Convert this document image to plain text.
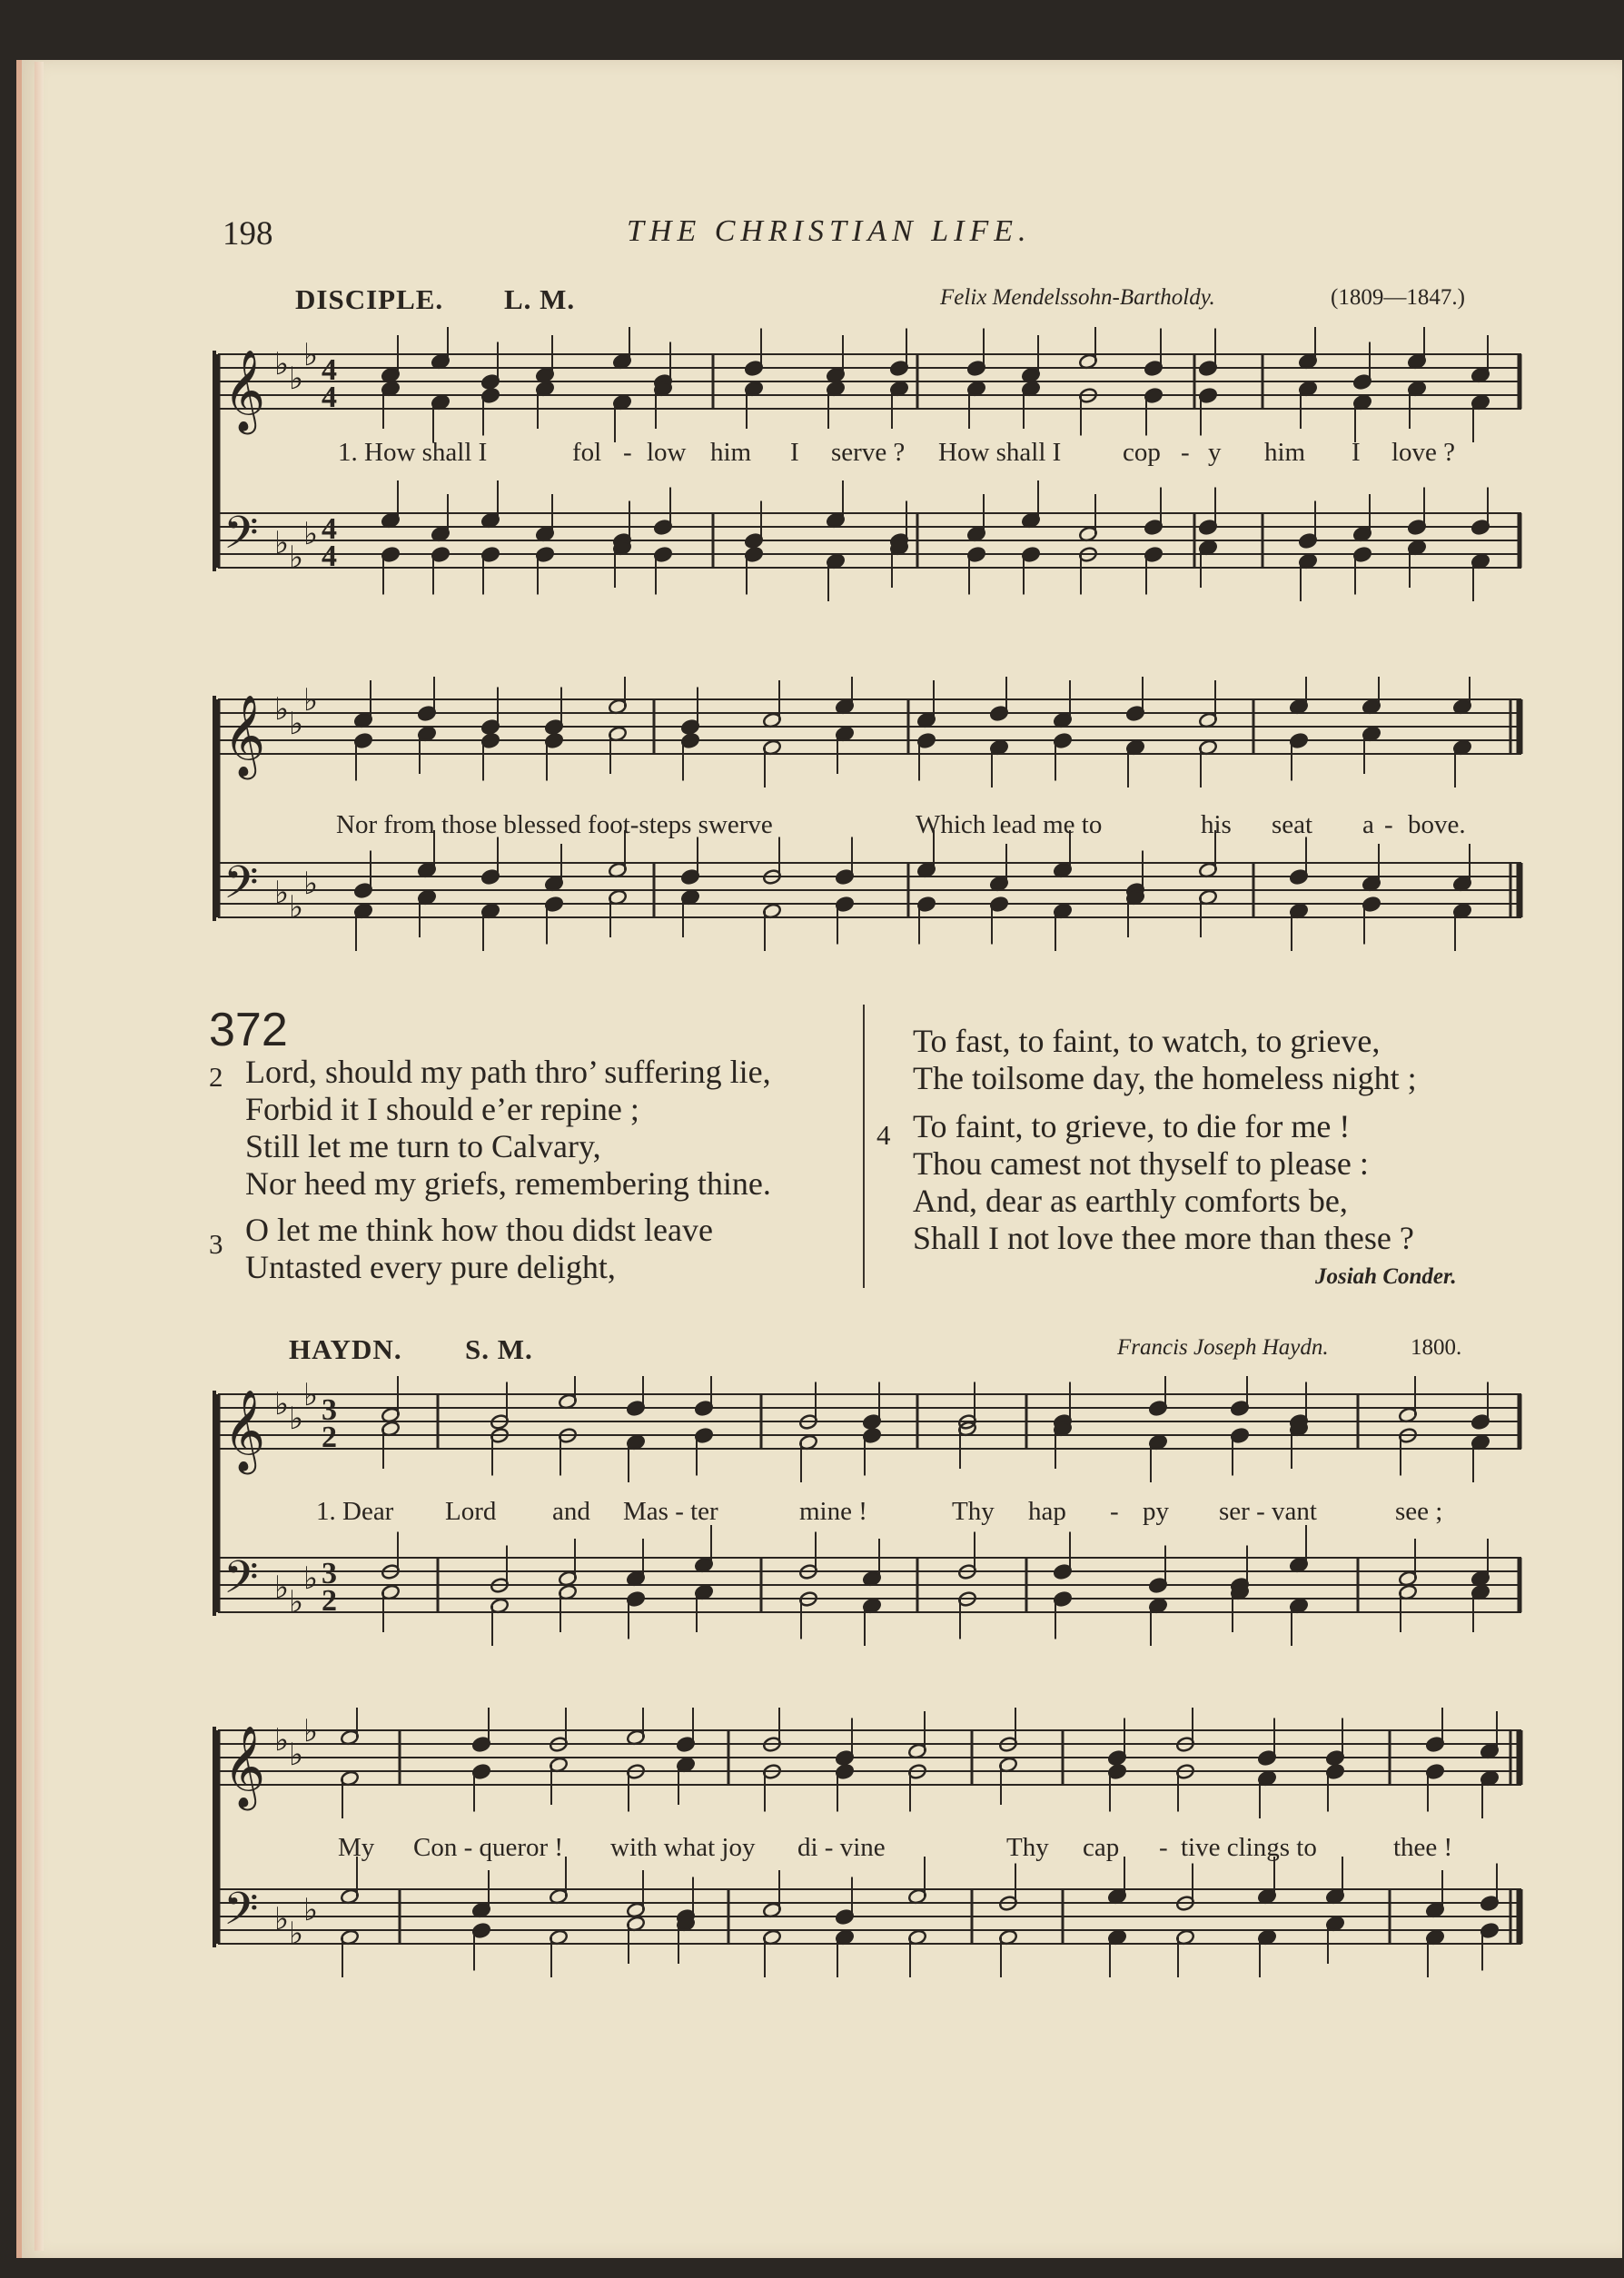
198	THE CHRISTIAN LIFE.
DISCIPLE. L. M.	Felix Mendelssohn-Bartholdy.	(1809—1847.)
𝄞
𝄢
♭ ♭
♭
♭ ♭
♭
4
4
4
4
𝄞
𝄢
♭ ♭
♭
♭ ♭
♭
1. How shall I	fol - low him I serve ? How shall I cop - y him I love ?
Nor from those blessed foot-steps swerve	Which lead me to	his seat a - bove.
372
2 Lord, should my path thro’ suffering lie,
Forbid it I should e’er repine ;
Still let me turn to Calvary,
Nor heed my griefs, remembering thine.
3 O let me think how thou didst leave
Untasted every pure delight,
To fast, to faint, to watch, to grieve,
The toilsome day, the homeless night ;
4 To faint, to grieve, to die for me !
Thou camest not thyself to please :
And, dear as earthly comforts be,
Shall I not love thee more than these ?
Josiah Conder.
HAYDN. S. M.	Francis Joseph Haydn.	1800.
𝄞
𝄢
♭ ♭
♭
♭ ♭
♭
3
2
3
2
𝄞
𝄢
♭ ♭
♭
♭ ♭
♭
1. Dear Lord and Mas - ter	mine !	Thy hap - py ser - vant	see ;
My Con - queror ! with what joy di - vine	Thy cap - tive clings to	thee !
